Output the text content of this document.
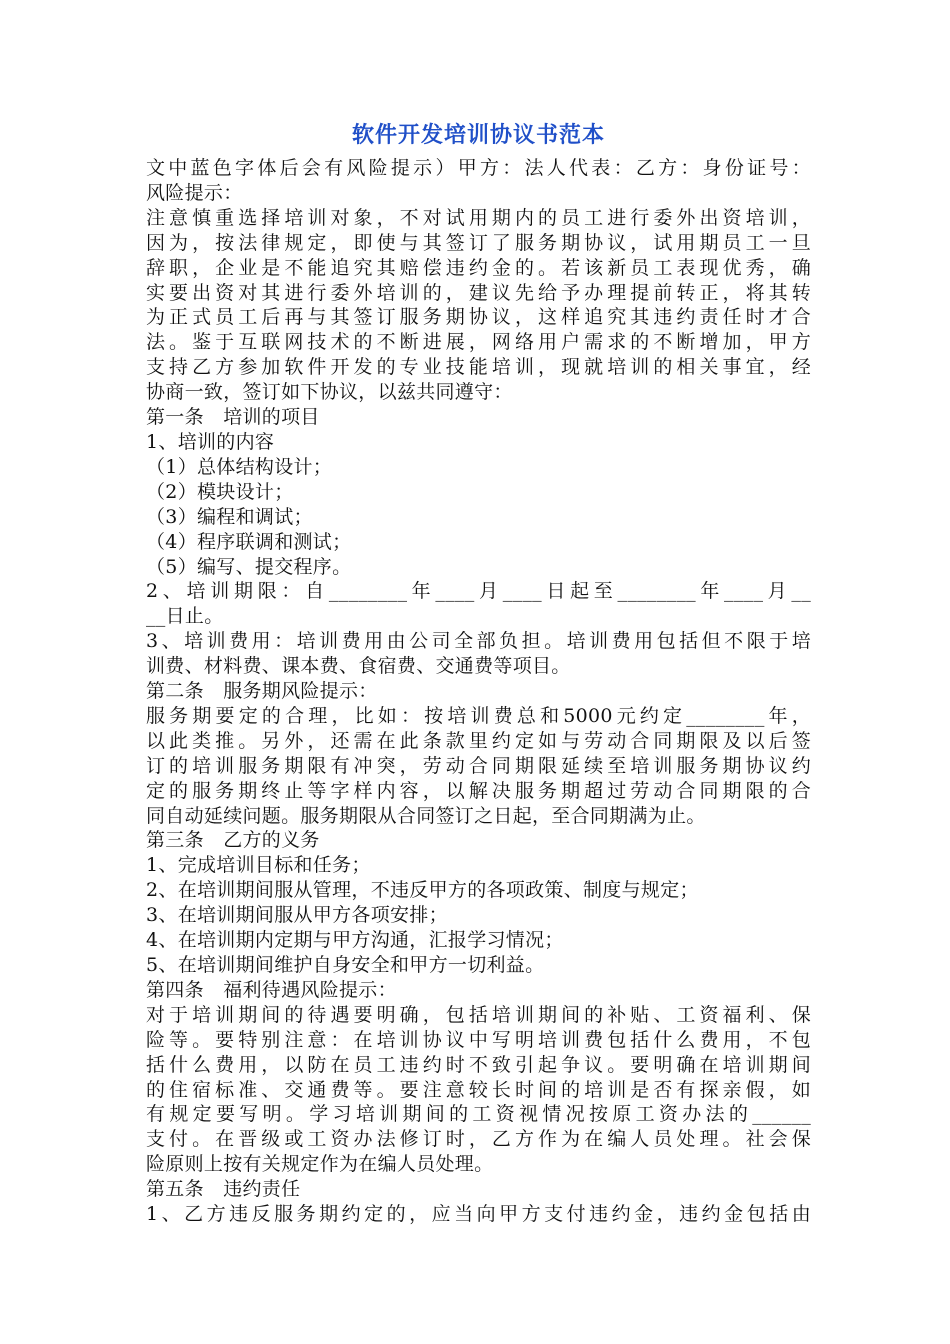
软件开发培训协议书范本

文中蓝色字体后会有风险提示）甲方：法人代表：乙方：身份证号：

风险提示：

注意慎重选择培训对象，不对试用期内的员工进行委外出资培训，

因为，按法律规定，即使与其签订了服务期协议，试用期员工一旦

辞职，企业是不能追究其赔偿违约金的。若该新员工表现优秀，确

实要出资对其进行委外培训的，建议先给予办理提前转正，将其转

为正式员工后再与其签订服务期协议，这样追究其违约责任时才合

法。鉴于互联网技术的不断进展，网络用户需求的不断增加，甲方

支持乙方参加软件开发的专业技能培训，现就培训的相关事宜，经

协商一致，签订如下协议，以兹共同遵守：

第一条　培训的项目

1、培训的内容

（1）总体结构设计；

（2）模块设计；

（3）编程和调试；

（4）程序联调和测试；

（5）编写、提交程序。

2、培训期限：自________年____月____日起至________年____月__

__日止。

3、培训费用：培训费用由公司全部负担。培训费用包括但不限于培

训费、材料费、课本费、食宿费、交通费等项目。

第二条　服务期风险提示：

服务期要定的合理，比如：按培训费总和5000元约定________年，

以此类推。另外，还需在此条款里约定如与劳动合同期限及以后签

订的培训服务期限有冲突，劳动合同期限延续至培训服务期协议约

定的服务期终止等字样内容，以解决服务期超过劳动合同期限的合

同自动延续问题。服务期限从合同签订之日起，至合同期满为止。

第三条　乙方的义务

1、完成培训目标和任务；

2、在培训期间服从管理，不违反甲方的各项政策、制度与规定；

3、在培训期间服从甲方各项安排；

4、在培训期内定期与甲方沟通，汇报学习情况；

5、在培训期间维护自身安全和甲方一切利益。

第四条　福利待遇风险提示：

对于培训期间的待遇要明确，包括培训期间的补贴、工资福利、保

险等。要特别注意：在培训协议中写明培训费包括什么费用，不包

括什么费用，以防在员工违约时不致引起争议。要明确在培训期间

的住宿标准、交通费等。要注意较长时间的培训是否有探亲假，如

有规定要写明。学习培训期间的工资视情况按原工资办法的______

支付。在晋级或工资办法修订时，乙方作为在编人员处理。社会保

险原则上按有关规定作为在编人员处理。

第五条　违约责任

1、乙方违反服务期约定的，应当向甲方支付违约金，违约金包括由
